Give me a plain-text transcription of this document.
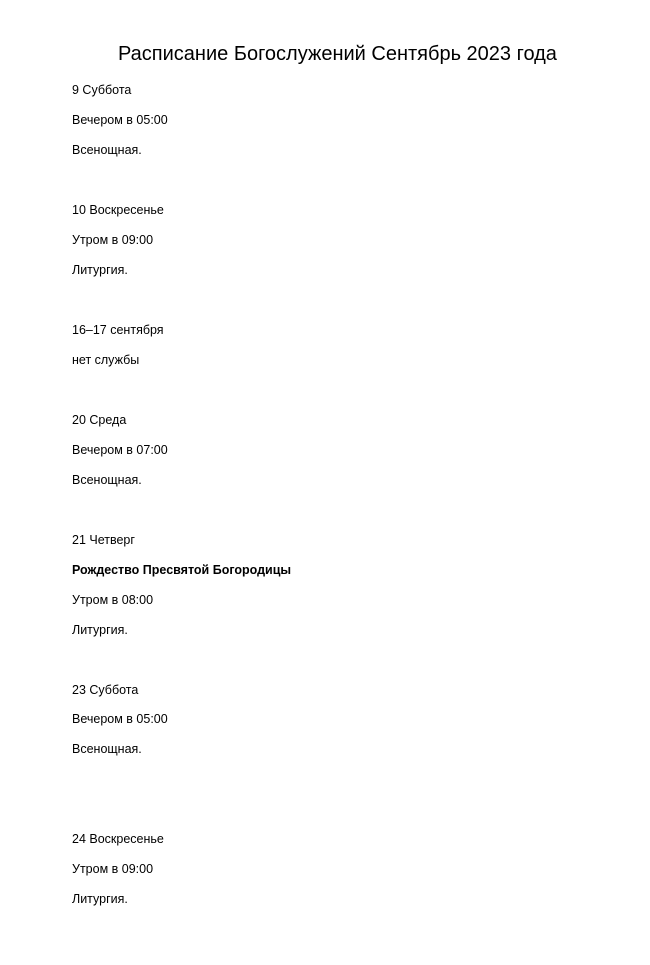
Расписание Богослужений Сентябрь 2023 года
9 Суббота
Вечером в 05:00
Всенощная.
10 Воскресенье
Утром в 09:00
Литургия.
16–17 сентября
нет службы
20 Среда
Вечером в 07:00
Всенощная.
21 Четверг
Рождество Пресвятой Богородицы
Утром в 08:00
Литургия.
23 Суббота
Вечером в 05:00
Всенощная.
24 Воскресенье
Утром в 09:00
Литургия.
